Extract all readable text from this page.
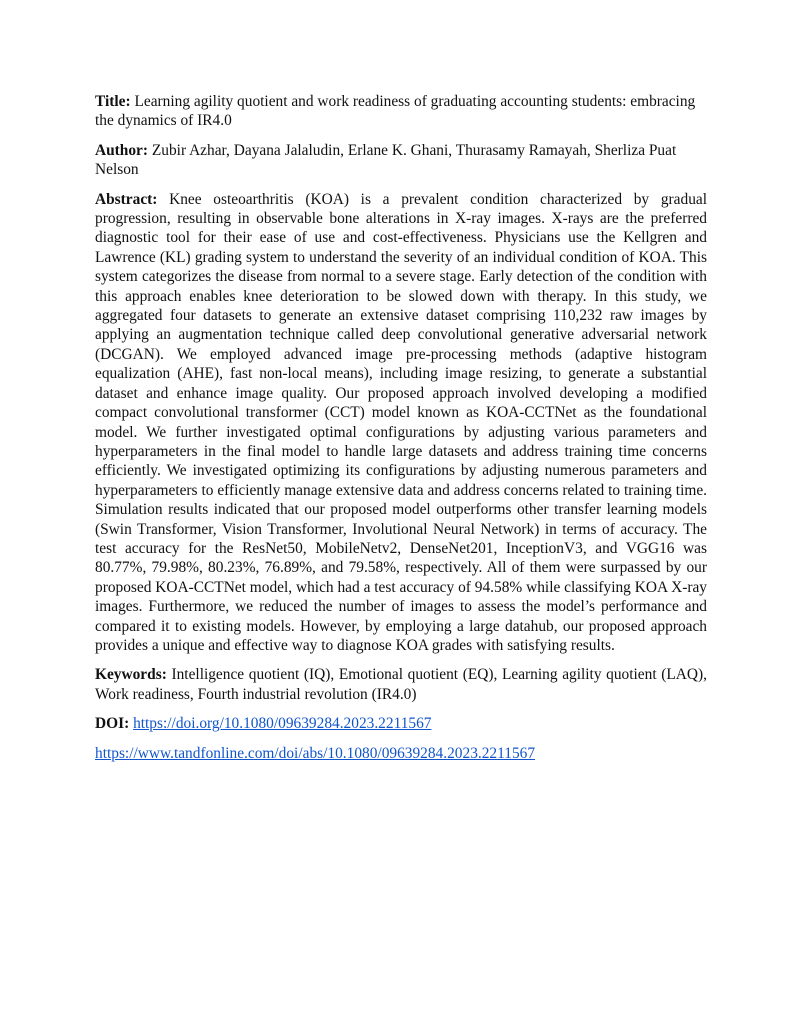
Title: Learning agility quotient and work readiness of graduating accounting students: embracing the dynamics of IR4.0

Author: Zubir Azhar, Dayana Jalaludin, Erlane K. Ghani, Thurasamy Ramayah, Sherliza Puat Nelson

Abstract: Knee osteoarthritis (KOA) is a prevalent condition characterized by gradual progression, resulting in observable bone alterations in X-ray images. X-rays are the preferred diagnostic tool for their ease of use and cost-effectiveness. Physicians use the Kellgren and Lawrence (KL) grading system to understand the severity of an individual condition of KOA. This system categorizes the disease from normal to a severe stage. Early detection of the condition with this approach enables knee deterioration to be slowed down with therapy. In this study, we aggregated four datasets to generate an extensive dataset comprising 110,232 raw images by applying an augmentation technique called deep convolutional generative adversarial network (DCGAN). We employed advanced image pre-processing methods (adaptive histogram equalization (AHE), fast non-local means), including image resizing, to generate a substantial dataset and enhance image quality. Our proposed approach involved developing a modified compact convolutional transformer (CCT) model known as KOA-CCTNet as the foundational model. We further investigated optimal configurations by adjusting various parameters and hyperparameters in the final model to handle large datasets and address training time concerns efficiently. We investigated optimizing its configurations by adjusting numerous parameters and hyperparameters to efficiently manage extensive data and address concerns related to training time. Simulation results indicated that our proposed model outperforms other transfer learning models (Swin Transformer, Vision Transformer, Involutional Neural Network) in terms of accuracy. The test accuracy for the ResNet50, MobileNetv2, DenseNet201, InceptionV3, and VGG16 was 80.77%, 79.98%, 80.23%, 76.89%, and 79.58%, respectively. All of them were surpassed by our proposed KOA-CCTNet model, which had a test accuracy of 94.58% while classifying KOA X-ray images. Furthermore, we reduced the number of images to assess the model’s performance and compared it to existing models. However, by employing a large datahub, our proposed approach provides a unique and effective way to diagnose KOA grades with satisfying results.

Keywords: Intelligence quotient (IQ), Emotional quotient (EQ), Learning agility quotient (LAQ), Work readiness, Fourth industrial revolution (IR4.0)

DOI: https://doi.org/10.1080/09639284.2023.2211567

https://www.tandfonline.com/doi/abs/10.1080/09639284.2023.2211567
